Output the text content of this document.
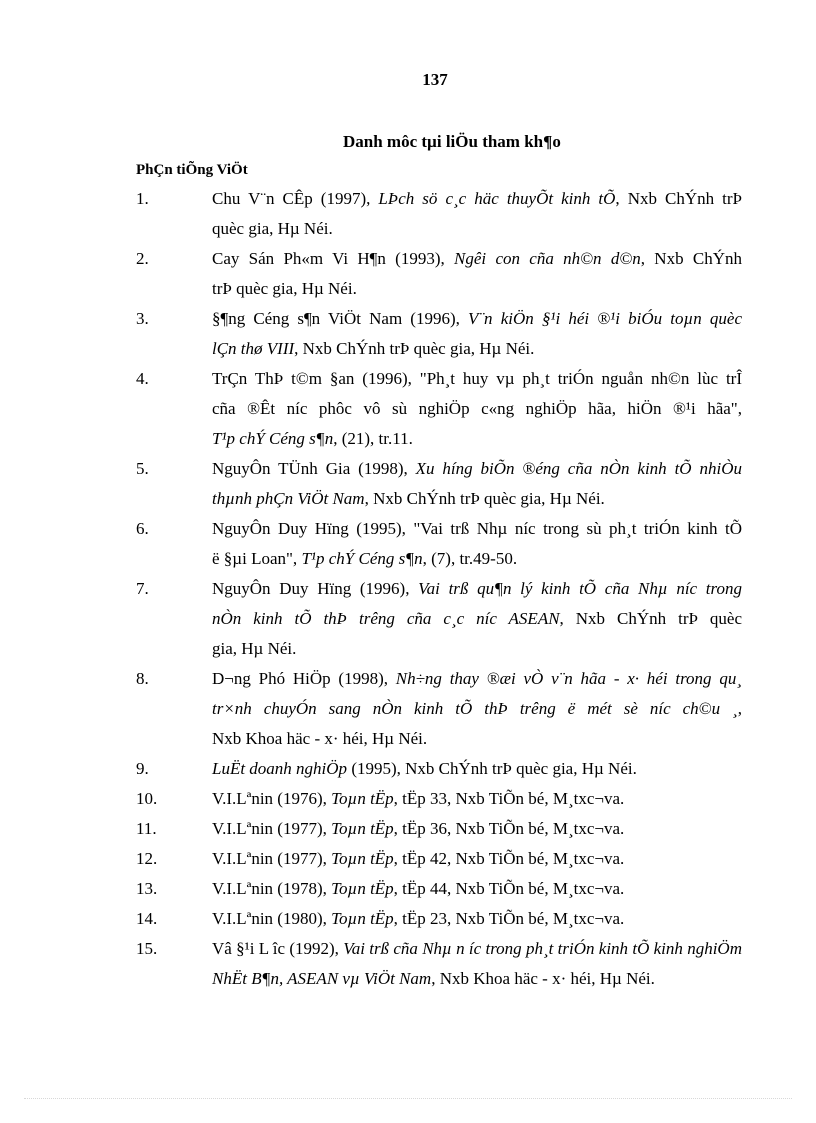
137
Danh môc tµi liÖu tham kh¶o
PhÇn tiÕng ViÖt
1.	Chu V¨n CÊp (1997), LÞch sö c¸c häc thuyÕt kinh tÕ, Nxb ChÝnh trÞ
quèc gia, Hµ Néi.
2.	Cay Sán Ph«m Vi H¶n (1993), Ngêi con cña nh©n d©n, Nxb ChÝnh
trÞ quèc gia, Hµ Néi.
3.	§¶ng Céng s¶n ViÖt Nam (1996), V¨n kiÖn §¹i héi ®¹i biÓu toµn quèc
lÇn thø VIII, Nxb ChÝnh trÞ quèc gia, Hµ Néi.
4.	TrÇn ThÞ t©m §an (1996), "Ph¸t huy vµ ph¸t triÓn nguån nh©n lùc trÎ
cña ®Êt níc phôc vô sù nghiÖp c«ng nghiÖp hãa, hiÖn ®¹i hãa",
T¹p chÝ Céng s¶n, (21), tr.11.
5.	NguyÔn TÜnh Gia (1998), Xu híng biÕn ®éng cña nÒn kinh tÕ nhiÒu
thµnh phÇn ViÖt Nam, Nxb ChÝnh trÞ quèc gia, Hµ Néi.
6.	NguyÔn Duy Hïng (1995), "Vai trß Nhµ níc trong sù ph¸t triÓn kinh tÕ
ë §µi Loan", T¹p chÝ Céng s¶n, (7), tr.49-50.
7.	NguyÔn Duy Hïng (1996), Vai trß qu¶n lý kinh tÕ cña Nhµ níc trong
nÒn kinh tÕ thÞ trêng cña c¸c níc ASEAN, Nxb ChÝnh trÞ quèc
gia, Hµ Néi.
8.	D¬ng Phó HiÖp (1998), Nh÷ng thay ®æi vÒ v¨n hãa - x· héi trong qu¸
tr×nh chuyÓn sang nÒn kinh tÕ thÞ trêng ë mét sè níc ch©u ¸,
Nxb Khoa häc - x· héi, Hµ Néi.
9.	LuËt doanh nghiÖp (1995), Nxb ChÝnh trÞ quèc gia, Hµ Néi.
10.	V.I.Lªnin (1976), Toµn tËp, tËp 33, Nxb TiÕn bé, M¸txc¬va.
11.	V.I.Lªnin (1977), Toµn tËp, tËp 36, Nxb TiÕn bé, M¸txc¬va.
12.	V.I.Lªnin (1977), Toµn tËp, tËp 42, Nxb TiÕn bé, M¸txc¬va.
13.	V.I.Lªnin (1978), Toµn tËp, tËp 44, Nxb TiÕn bé, M¸txc¬va.
14.	V.I.Lªnin (1980), Toµn tËp, tËp 23, Nxb TiÕn bé, M¸txc¬va.
15.	Vâ §¹i L îc (1992), Vai trß cña Nhµ n íc trong ph¸t triÓn kinh tÕ kinh nghiÖm
NhËt B¶n, ASEAN vµ ViÖt Nam, Nxb Khoa häc - x· héi, Hµ Néi.
